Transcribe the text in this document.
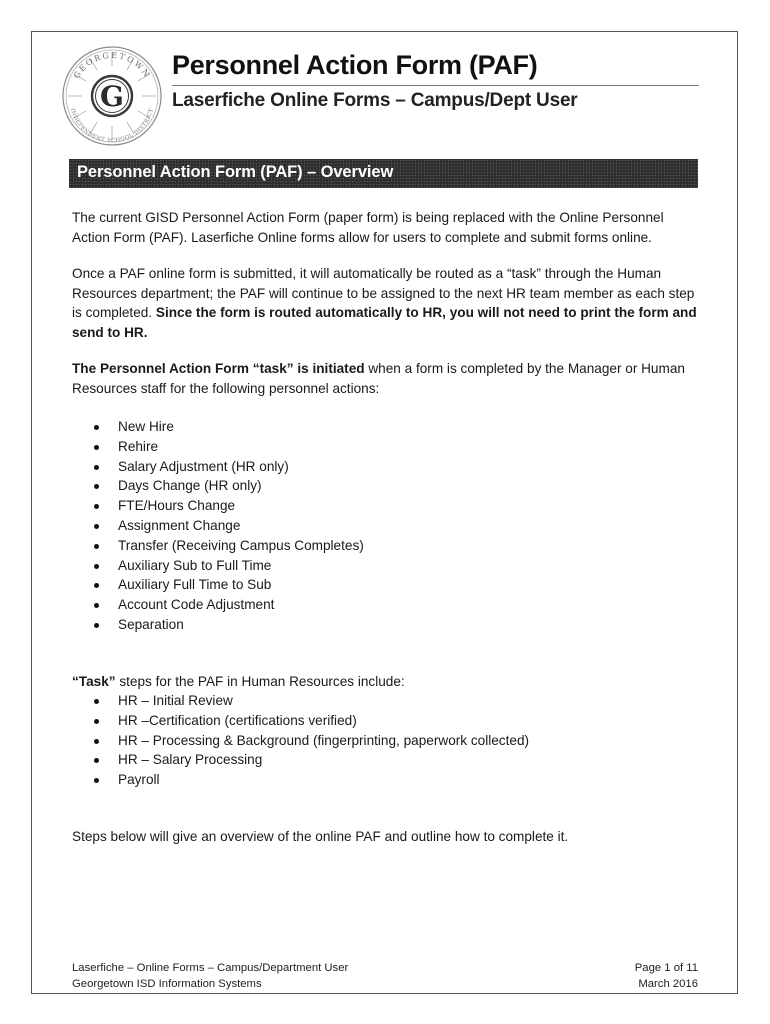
GEORGETOWN
INDEPENDENT SCHOOL DISTRICT
G
Personnel Action Form (PAF)
Laserfiche Online Forms – Campus/Dept User
Personnel Action Form (PAF) – Overview

The current GISD Personnel Action Form (paper form) is being replaced with the Online Personnel Action Form (PAF). Laserfiche Online forms allow for users to complete and submit forms online.

Once a PAF online form is submitted, it will automatically be routed as a “task” through the Human Resources department; the PAF will continue to be assigned to the next HR team member as each step is completed. Since the form is routed automatically to HR, you will not need to print the form and send to HR.

The Personnel Action Form “task” is initiated when a form is completed by the Manager or Human Resources staff for the following personnel actions:

New Hire
Rehire
Salary Adjustment (HR only)
Days Change (HR only)
FTE/Hours Change
Assignment Change
Transfer (Receiving Campus Completes)
Auxiliary Sub to Full Time
Auxiliary Full Time to Sub
Account Code Adjustment
Separation

“Task” steps for the PAF in Human Resources include:

HR – Initial Review
HR –Certification (certifications verified)
HR – Processing & Background (fingerprinting, paperwork collected)
HR – Salary Processing
Payroll

Steps below will give an overview of the online PAF and outline how to complete it.

Laserfiche – Online Forms – Campus/Department User
Georgetown ISD Information Systems
Page 1 of 11
March 2016
